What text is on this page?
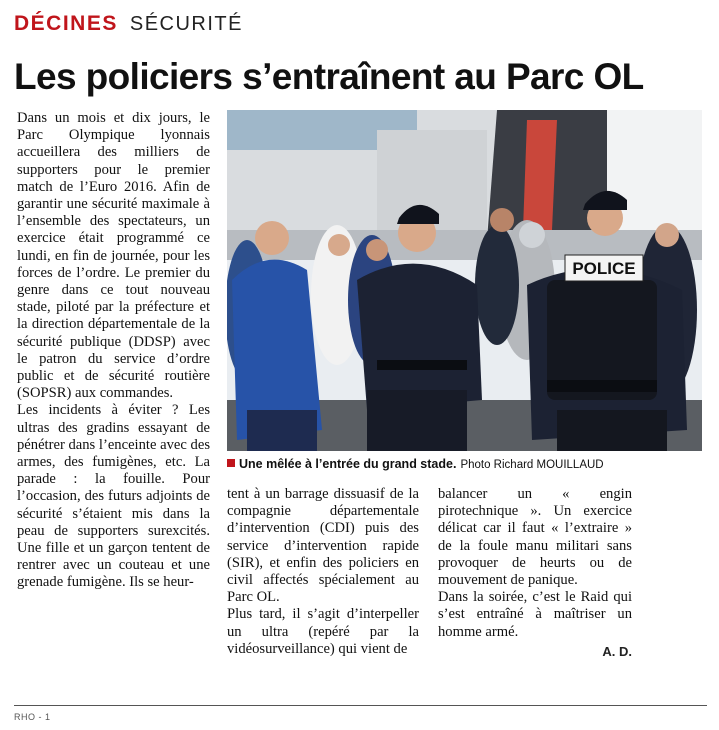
DÉCINES SÉCURITÉ
Les policiers s’entraînent au Parc OL

Dans un mois et dix jours, le Parc Olympique lyonnais accueillera des milliers de supporters pour le premier match de l’Euro 2016. Afin de garantir une sécurité maximale à l’ensemble des spectateurs, un exercice était programmé ce lundi, en fin de journée, pour les forces de l’ordre. Le premier du genre dans ce tout nouveau stade, piloté par la préfecture et la direction départementale de la sécurité publique (DDSP) avec le patron du service d’ordre public et de sécurité routière (SOPSR) aux commandes.

Les incidents à éviter ? Les ultras des gradins essayant de pénétrer dans l’enceinte avec des armes, des fumigènes, etc. La parade : la fouille. Pour l’occasion, des futurs adjoints de sécurité s’étaient mis dans la peau de supporters surexcités. Une fille et un garçon tentent de rentrer avec un couteau et une grenade fumigène. Ils se heur-

POLICE
Une mêlée à l’entrée du grand stade. Photo Richard MOUILLAUD

tent à un barrage dissuasif de la compagnie départementale d’intervention (CDI) puis des service d’intervention rapide (SIR), et enfin des policiers en civil affectés spécialement au Parc OL.

Plus tard, il s’agit d’interpeller un ultra (repéré par la vidéosurveillance) qui vient de

balancer un « engin pirotechnique ». Un exercice délicat car il faut « l’extraire » de la foule manu militari sans provoquer de heurts ou de mouvement de panique.

Dans la soirée, c’est le Raid qui s’est entraîné à maîtriser un homme armé.

A. D.
RHO - 1
